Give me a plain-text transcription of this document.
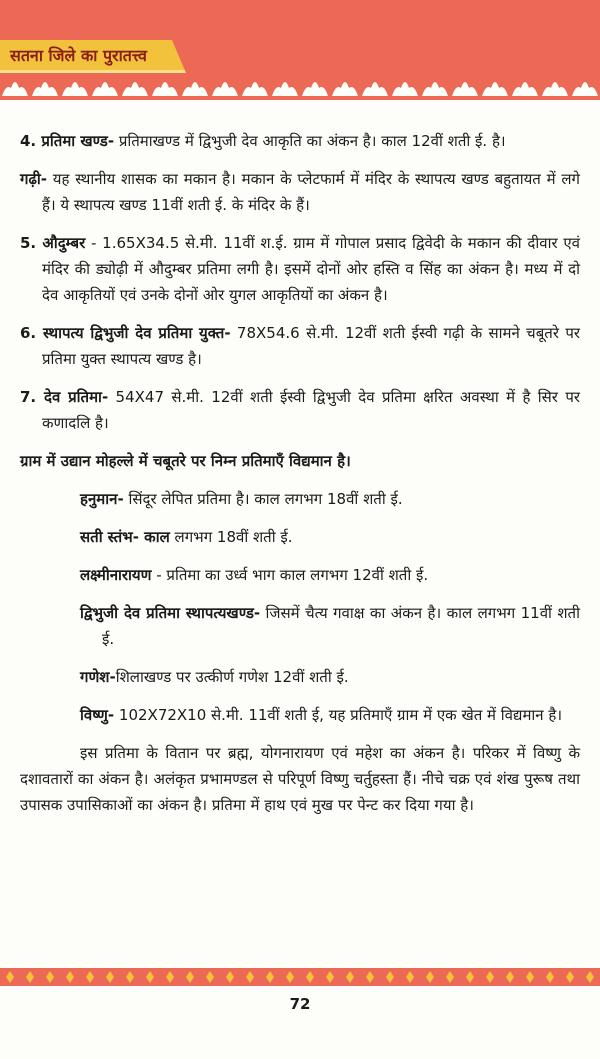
सतना जिले का पुरातत्त्व

4. प्रतिमा खण्ड- प्रतिमाखण्ड में द्विभुजी देव आकृति का अंकन है। काल 12वीं शती ई. है।

गढ़ी- यह स्थानीय शासक का मकान है। मकान के प्लेटफार्म में मंदिर के स्थापत्य खण्ड बहुतायत में लगे हैं। ये स्थापत्य खण्ड 11वीं शती ई. के मंदिर के हैं।

5. औदुम्बर - 1.65X34.5 से.मी. 11वीं श.ई. ग्राम में गोपाल प्रसाद द्विवेदी के मकान की दीवार एवं मंदिर की ड्योढ़ी में औदुम्बर प्रतिमा लगी है। इसमें दोनों ओर हस्ति व सिंह का अंकन है। मध्य में दो देव आकृतियों एवं उनके दोनों ओर युगल आकृतियों का अंकन है।

6. स्थापत्य द्विभुजी देव प्रतिमा युक्त- 78X54.6 से.मी. 12वीं शती ईस्वी गढ़ी के सामने चबूतरे पर प्रतिमा युक्त स्थापत्य खण्ड है।

7. देव प्रतिमा- 54X47 से.मी. 12वीं शती ईस्वी द्विभुजी देव प्रतिमा क्षरित अवस्था में है सिर पर कणादलि है।

ग्राम में उद्यान मोहल्ले में चबूतरे पर निम्न प्रतिमाएँ विद्यमान है।

हनुमान- सिंदूर लेपित प्रतिमा है। काल लगभग 18वीं शती ई.

सती स्तंभ- काल लगभग 18वीं शती ई.

लक्ष्मीनारायण - प्रतिमा का उर्ध्व भाग काल लगभग 12वीं शती ई.

द्विभुजी देव प्रतिमा स्थापत्यखण्ड- जिसमें चैत्य गवाक्ष का अंकन है। काल लगभग 11वीं शती ई.

गणेश-शिलाखण्ड पर उत्कीर्ण गणेश 12वीं शती ई.

विष्णु- 102X72X10 से.मी. 11वीं शती ई, यह प्रतिमाएँ ग्राम में एक खेत में विद्यमान है।

इस प्रतिमा के वितान पर ब्रह्म, योगनारायण एवं महेश का अंकन है। परिकर में विष्णु के दशावतारों का अंकन है। अलंकृत प्रभामण्डल से परिपूर्ण विष्णु चर्तुहस्ता हैं। नीचे चक्र एवं शंख पुरूष तथा उपासक उपासिकाओं का अंकन है। प्रतिमा में हाथ एवं मुख पर पेन्ट कर दिया गया है।

72
